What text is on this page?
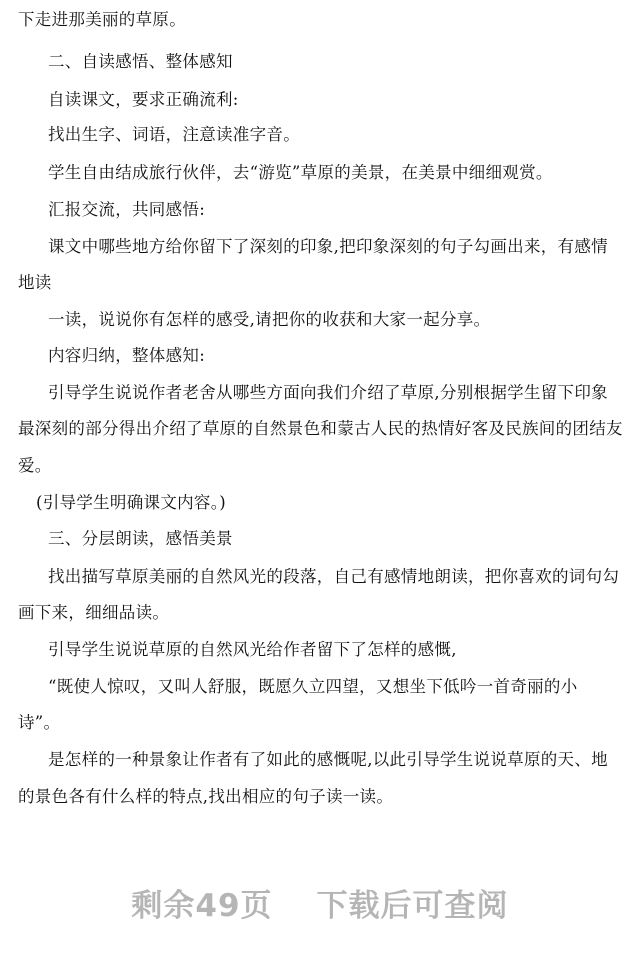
下走进那美丽的草原。
二、自读感悟、整体感知
自读课文，要求正确流利:
找出生字、词语，注意读准字音。
学生自由结成旅行伙伴，去“游览”草原的美景，在美景中细细观赏。
汇报交流，共同感悟:
课文中哪些地方给你留下了深刻的印象,把印象深刻的句子勾画出来，有感情
地读
一读，说说你有怎样的感受,请把你的收获和大家一起分享。
内容归纳，整体感知:
引导学生说说作者老舍从哪些方面向我们介绍了草原,分别根据学生留下印象
最深刻的部分得出介绍了草原的自然景色和蒙古人民的热情好客及民族间的团结友
爱。
(引导学生明确课文内容。)
三、分层朗读，感悟美景
找出描写草原美丽的自然风光的段落，自己有感情地朗读，把你喜欢的词句勾
画下来，细细品读。
引导学生说说草原的自然风光给作者留下了怎样的感慨,
“既使人惊叹，又叫人舒服，既愿久立四望，又想坐下低吟一首奇丽的小
诗”。
是怎样的一种景象让作者有了如此的感慨呢,以此引导学生说说草原的天、地
的景色各有什么样的特点,找出相应的句子读一读。
剩余49页 下载后可查阅
